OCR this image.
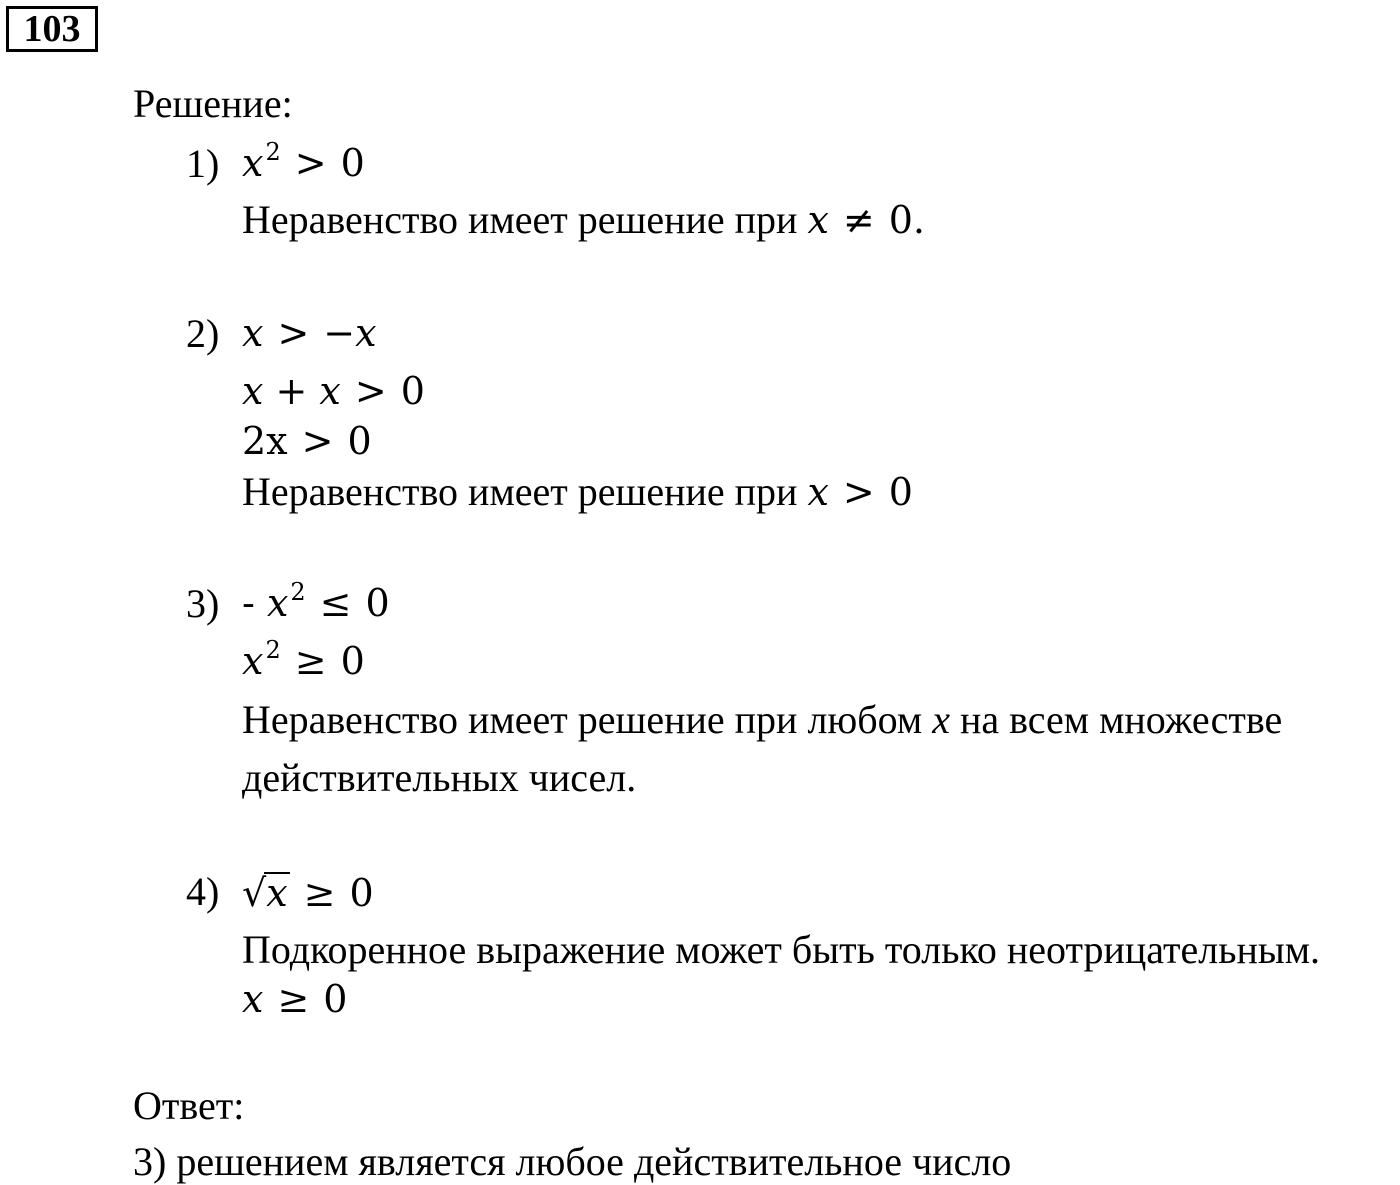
103
Решение:
1) $x^2 > 0$
Неравенство имеет решение при x ≠ 0.
2) x > −x
x + x > 0
2x > 0
Неравенство имеет решение при x > 0
$3) - x^2 \le 0$
$x^2 \ge 0$
Неравенство имеет решение при любом x на всем множестве
действительных чисел.
4) √x ≥ 0
Подкоренное выражение может быть только неотрицательным.
x ≥ 0
Ответ:
3) решением является любое действительное число
